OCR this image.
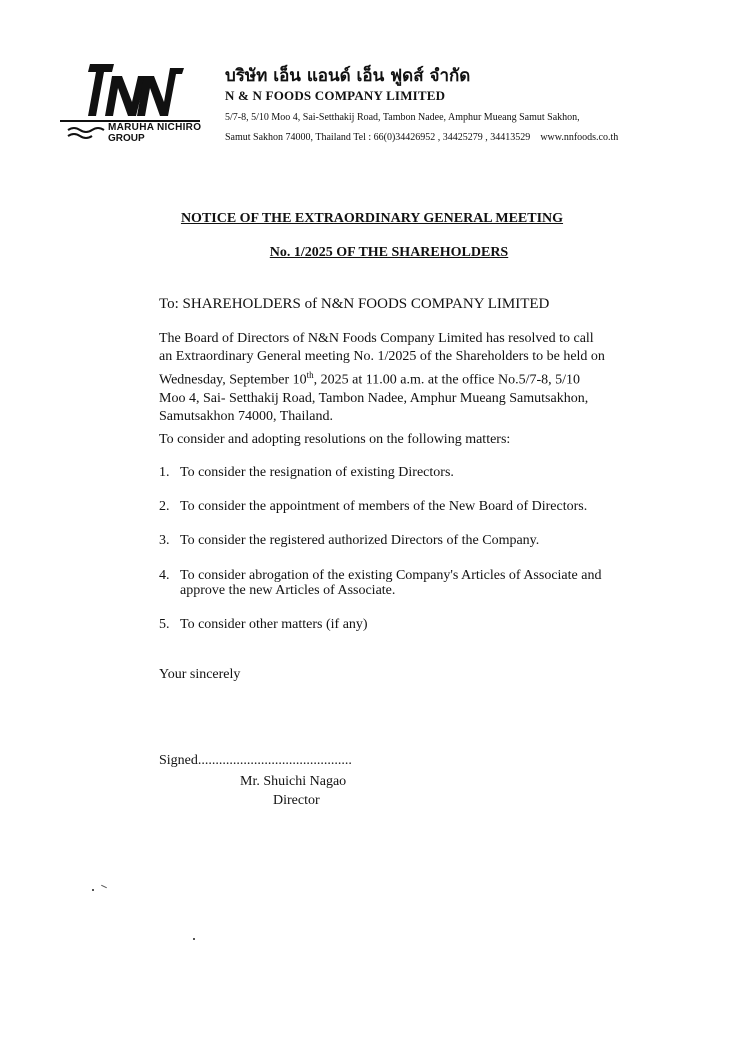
MARUHA NICHIRO
GROUP
บริษัท เอ็น แอนด์ เอ็น ฟูดส์ จำกัด
N & N FOODS COMPANY LIMITED
5/7-8, 5/10 Moo 4, Sai-Setthakij Road, Tambon Nadee, Amphur Mueang Samut Sakhon,
Samut Sakhon 74000, Thailand Tel : 66(0)34426952 , 34425279 , 34413529 www.nnfoods.co.th
NOTICE OF THE EXTRAORDINARY GENERAL MEETING
No. 1/2025 OF THE SHAREHOLDERS
To: SHAREHOLDERS of N&N FOODS COMPANY LIMITED
The Board of Directors of N&N Foods Company Limited has resolved to call
an Extraordinary General meeting No. 1/2025 of the Shareholders to be held on
Wednesday, September 10th, 2025 at 11.00 a.m. at the office No.5/7-8, 5/10
Moo 4, Sai- Setthakij Road, Tambon Nadee, Amphur Mueang Samutsakhon,
Samutsakhon 74000, Thailand.
To consider and adopting resolutions on the following matters:
1. To consider the resignation of existing Directors.
2. To consider the appointment of members of the New Board of Directors.
3. To consider the registered authorized Directors of the Company.
4. To consider abrogation of the existing Company's Articles of Associate and
approve the new Articles of Associate.
5. To consider other matters (if any)
Your sincerely
Signed............................................
Mr. Shuichi Nagao
Director
